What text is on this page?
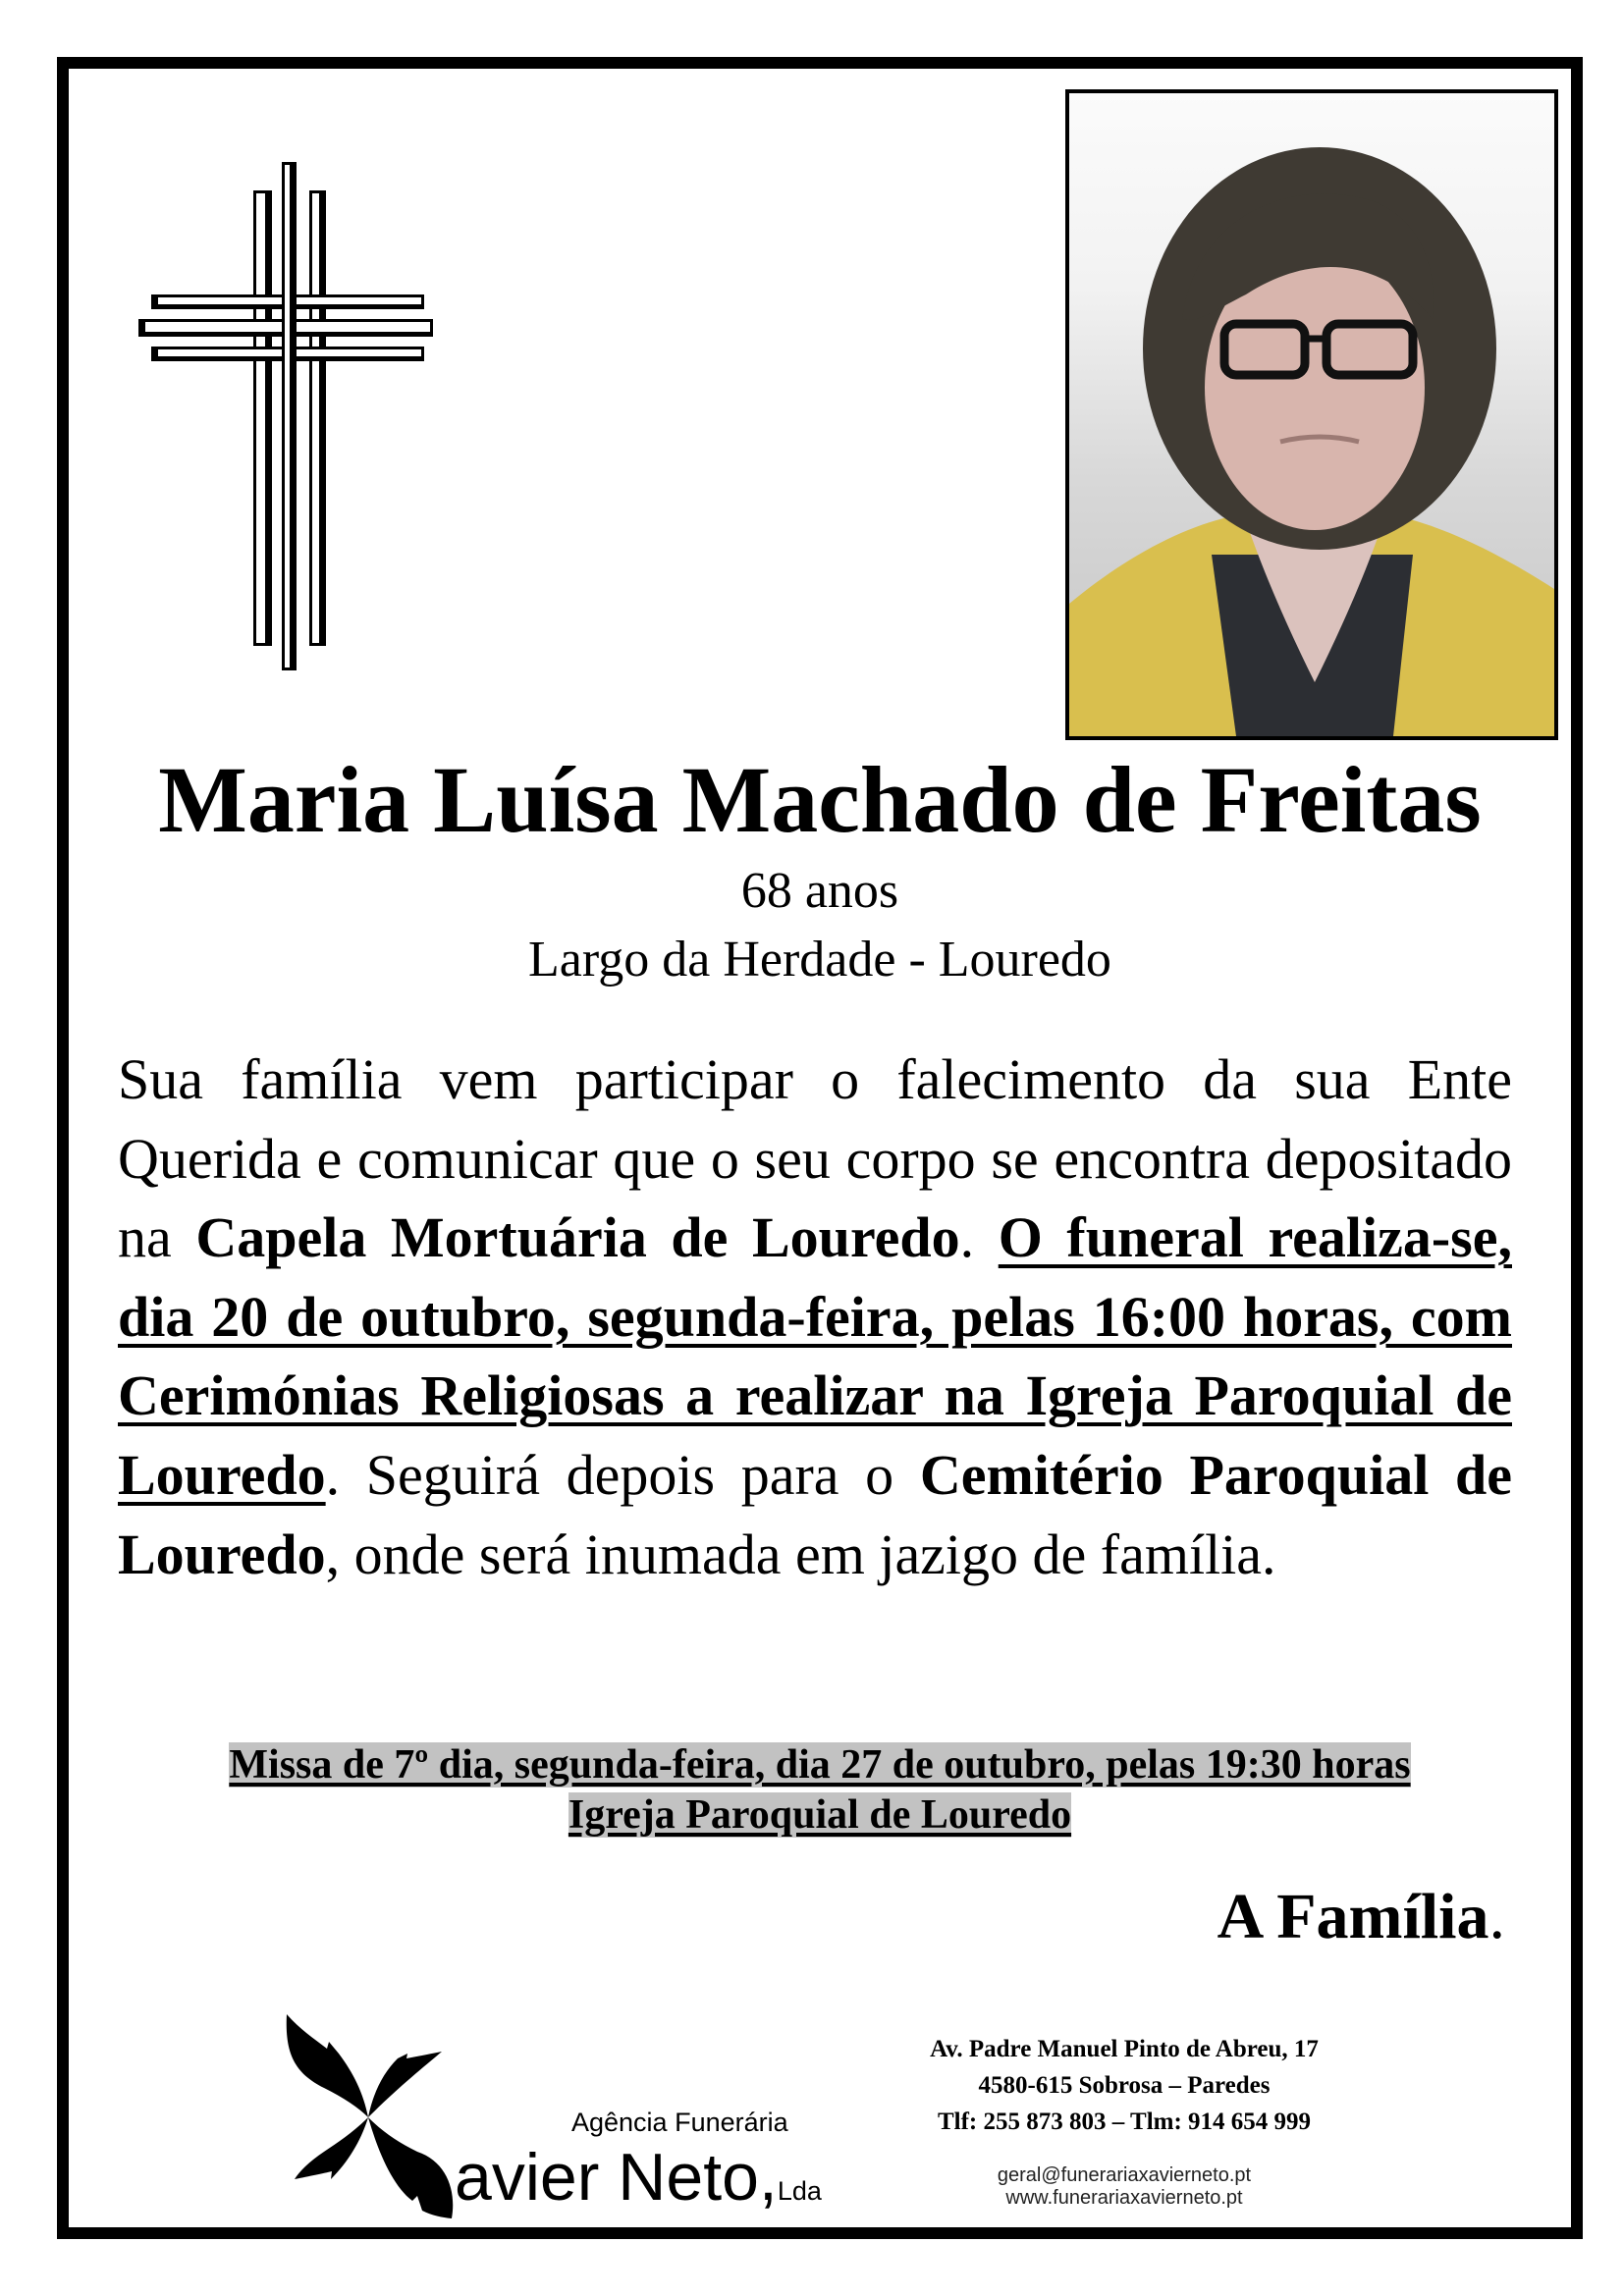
Maria Luísa Machado de Freitas
68 anos
Largo da Herdade - Louredo
Sua família vem participar o falecimento da sua Ente Querida e comunicar que o seu corpo se encontra depositado na Capela Mortuária de Louredo. O funeral realiza-se, dia 20 de outubro, segunda-feira, pelas 16:00 horas, com Cerimónias Religiosas a realizar na Igreja Paroquial de Louredo. Seguirá depois para o Cemitério Paroquial de Louredo, onde será inumada em jazigo de família.
Missa de 7º dia, segunda-feira, dia 27 de outubro, pelas 19:30 horas
Igreja Paroquial de Louredo
A Família.
Agência Funerária
avier Neto,Lda
Av. Padre Manuel Pinto de Abreu, 17
4580-615 Sobrosa – Paredes
Tlf: 255 873 803 – Tlm: 914 654 999
geral@funerariaxavierneto.pt
www.funerariaxavierneto.pt
